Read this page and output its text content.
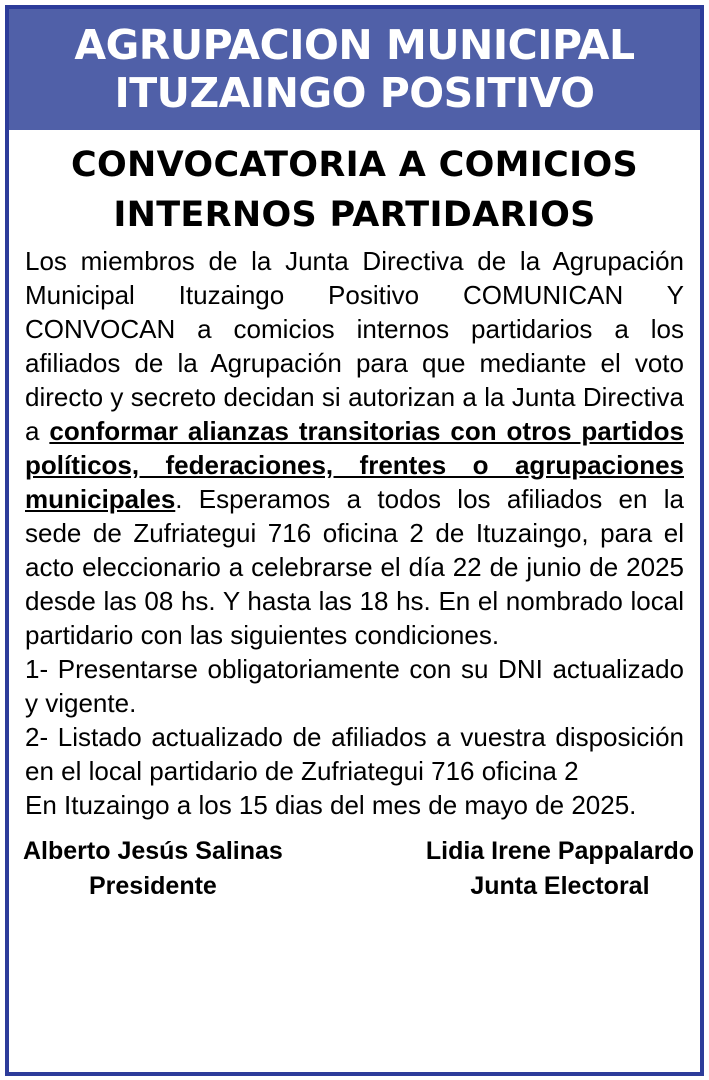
AGRUPACION MUNICIPAL
ITUZAINGO POSITIVO
CONVOCATORIA A COMICIOS
INTERNOS PARTIDARIOS

Los miembros de la Junta Directiva de la Agrupación Municipal Ituzaingo Positivo COMUNICAN Y CONVOCAN a comicios internos partidarios a los afiliados de la Agrupación para que mediante el voto directo y secreto decidan si autorizan a la Junta Directiva a conformar alianzas transitorias con otros partidos políticos, federaciones, frentes o agrupaciones municipales. Esperamos a todos los afiliados en la sede de Zufriategui 716 oficina 2 de Ituzaingo, para el acto eleccionario a celebrarse el día 22 de junio de 2025 desde las 08 hs. Y hasta las 18 hs. En el nombrado local partidario con las siguientes condiciones.

1- Presentarse obligatoriamente con su DNI actualizado y vigente.

2- Listado actualizado de afiliados a vuestra disposición en el local partidario de Zufriategui 716 oficina 2

En Ituzaingo a los 15 dias del mes de mayo de 2025.

Alberto Jesús Salinas
Presidente
Lidia Irene Pappalardo
Junta Electoral
